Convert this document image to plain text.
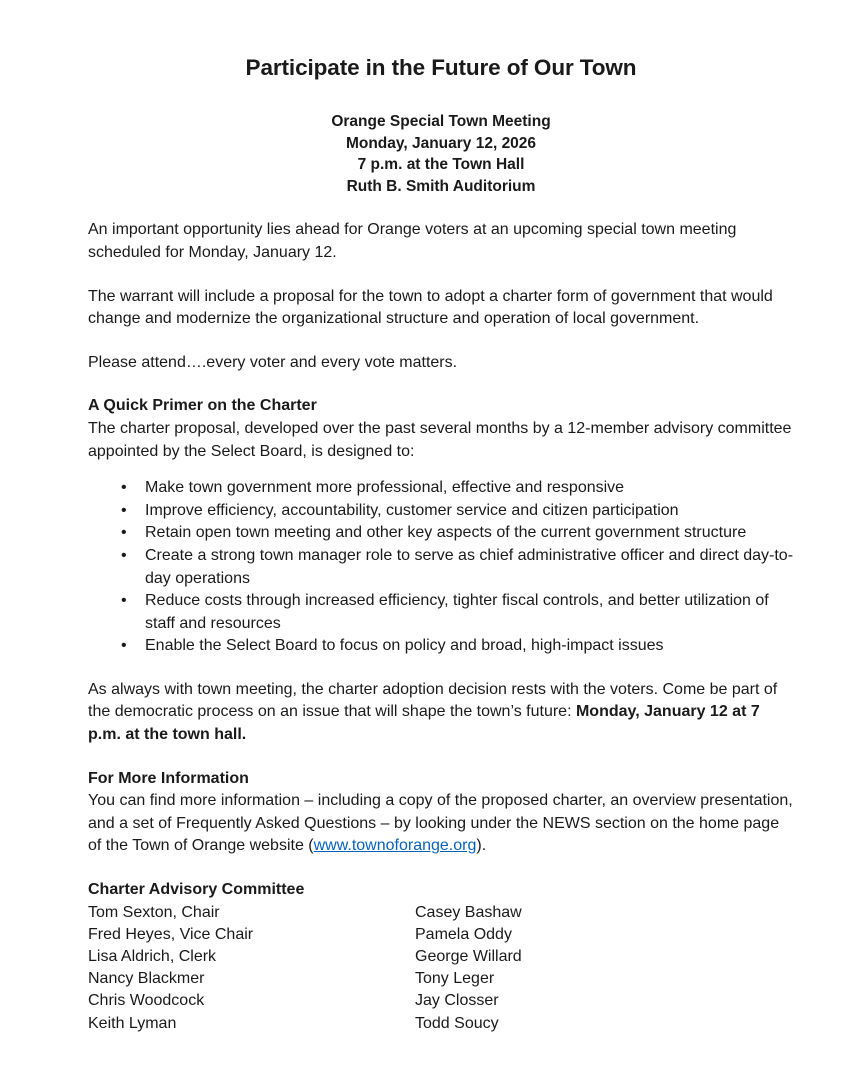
Participate in the Future of Our Town
Orange Special Town Meeting
Monday, January 12, 2026
7 p.m. at the Town Hall
Ruth B. Smith Auditorium

An important opportunity lies ahead for Orange voters at an upcoming special town meeting scheduled for Monday, January 12.

The warrant will include a proposal for the town to adopt a charter form of government that would change and modernize the organizational structure and operation of local government.

Please attend….every voter and every vote matters.

A Quick Primer on the Charter

The charter proposal, developed over the past several months by a 12-member advisory committee appointed by the Select Board, is designed to:

• Make town government more professional, effective and responsive
• Improve efficiency, accountability, customer service and citizen participation
• Retain open town meeting and other key aspects of the current government structure
• Create a strong town manager role to serve as chief administrative officer and direct day-to-day operations
• Reduce costs through increased efficiency, tighter fiscal controls, and better utilization of staff and resources
• Enable the Select Board to focus on policy and broad, high-impact issues

As always with town meeting, the charter adoption decision rests with the voters. Come be part of the democratic process on an issue that will shape the town’s future: Monday, January 12 at 7 p.m. at the town hall.

For More Information

You can find more information – including a copy of the proposed charter, an overview presentation, and a set of Frequently Asked Questions – by looking under the NEWS section on the home page of the Town of Orange website (www.townoforange.org).

Charter Advisory Committee
Tom Sexton, Chair
Fred Heyes, Vice Chair
Lisa Aldrich, Clerk
Nancy Blackmer
Chris Woodcock
Keith Lyman
Casey Bashaw
Pamela Oddy
George Willard
Tony Leger
Jay Closser
Todd Soucy
